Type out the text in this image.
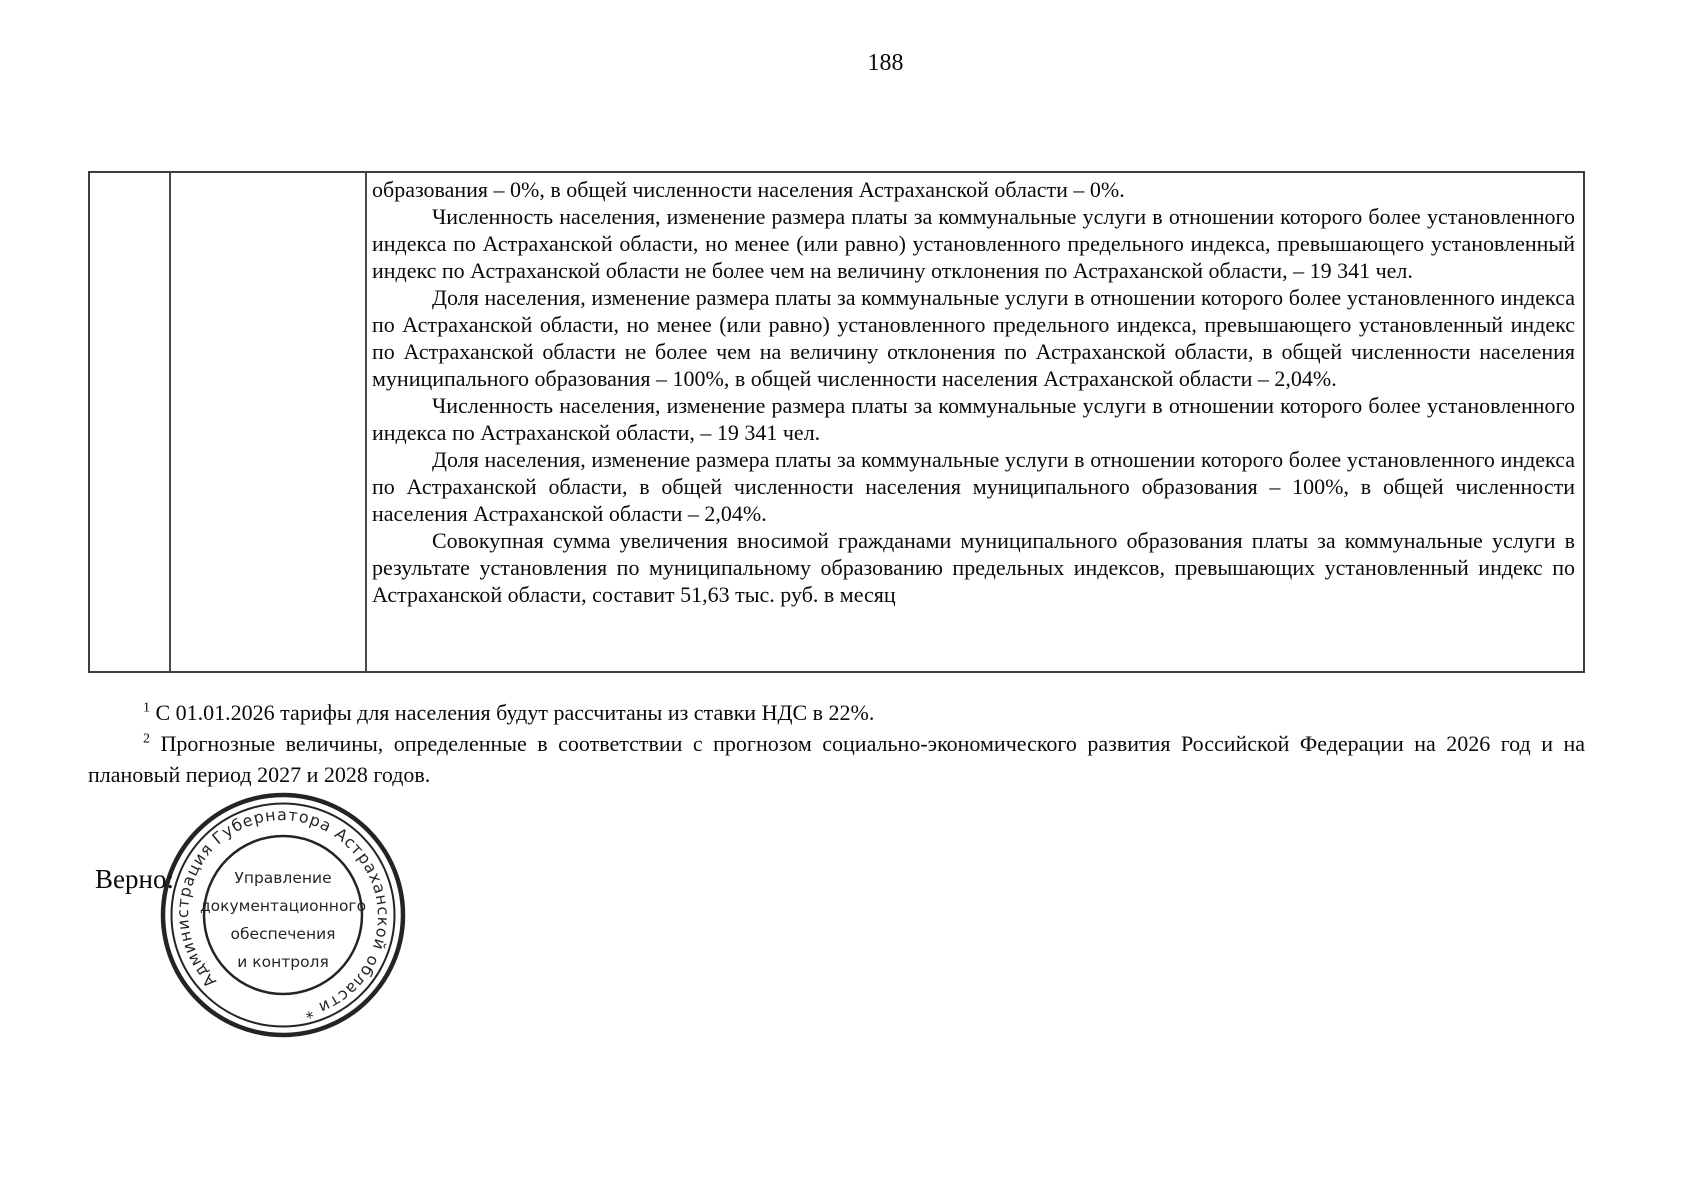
188

образования – 0%, в общей численности населения Астраханской области – 0%.

Численность населения, изменение размера платы за коммунальные услуги в отношении которого более установленного индекса по Астраханской области, но менее (или равно) установленного предельного индекса, превышающего установленный индекс по Астраханской области не более чем на величину отклонения по Астраханской области, – 19 341 чел.

Доля населения, изменение размера платы за коммунальные услуги в отношении которого более установленного индекса по Астраханской области, но менее (или равно) установленного предельного индекса, превышающего установленный индекс по Астраханской области не более чем на величину отклонения по Астраханской области, в общей численности населения муниципального образования – 100%, в общей численности населения Астраханской области – 2,04%.

Численность населения, изменение размера платы за коммунальные услуги в отношении которого более установленного индекса по Астраханской области, – 19 341 чел.

Доля населения, изменение размера платы за коммунальные услуги в отношении которого более установленного индекса по Астраханской области, в общей численности населения муниципального образования – 100%, в общей численности населения Астраханской области – 2,04%.

Совокупная сумма увеличения вносимой гражданами муниципального образования платы за коммунальные услуги в результате установления по муниципальному образованию предельных индексов, превышающих установленный индекс по Астраханской области, составит 51,63 тыс. руб. в месяц

$^1$ С 01.01.2026 тарифы для населения будут рассчитаны из ставки НДС в 22%.

$^2$ Прогнозные величины, определенные в соответствии с прогнозом социально-экономического развития Российской Федерации на 2026 год и на плановый период 2027 и 2028 годов.

Верно:
Администрация Губернатора Астраханской области *
Управление
документационного
обеспечения
и контроля
